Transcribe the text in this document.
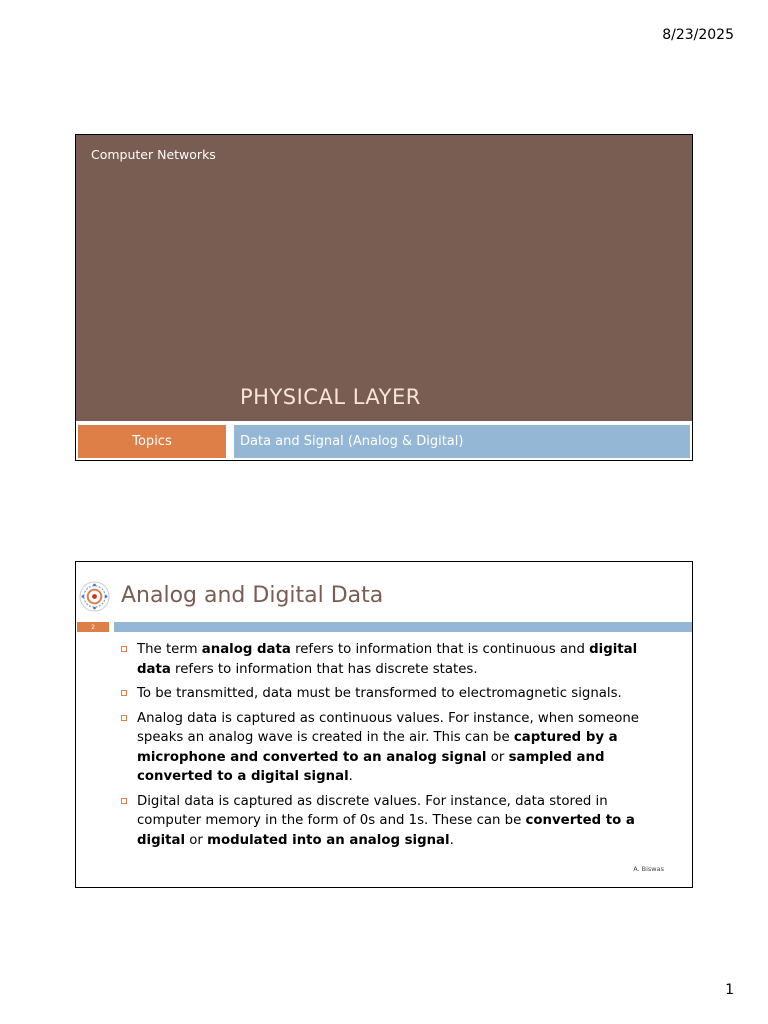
8/23/2025
Computer Networks
PHYSICAL LAYER
Topics	Data and Signal (Analog & Digital)
Analog and Digital Data
2
The term analog data refers to information that is continuous and digital data refers to information that has discrete states.
To be transmitted, data must be transformed to electromagnetic signals.
Analog data is captured as continuous values. For instance, when someone speaks an analog wave is created in the air. This can be captured by a microphone and converted to an analog signal or sampled and converted to a digital signal.
Digital data is captured as discrete values. For instance, data stored in computer memory in the form of 0s and 1s. These can be converted to a digital or modulated into an analog signal.
A. Biswas
1
